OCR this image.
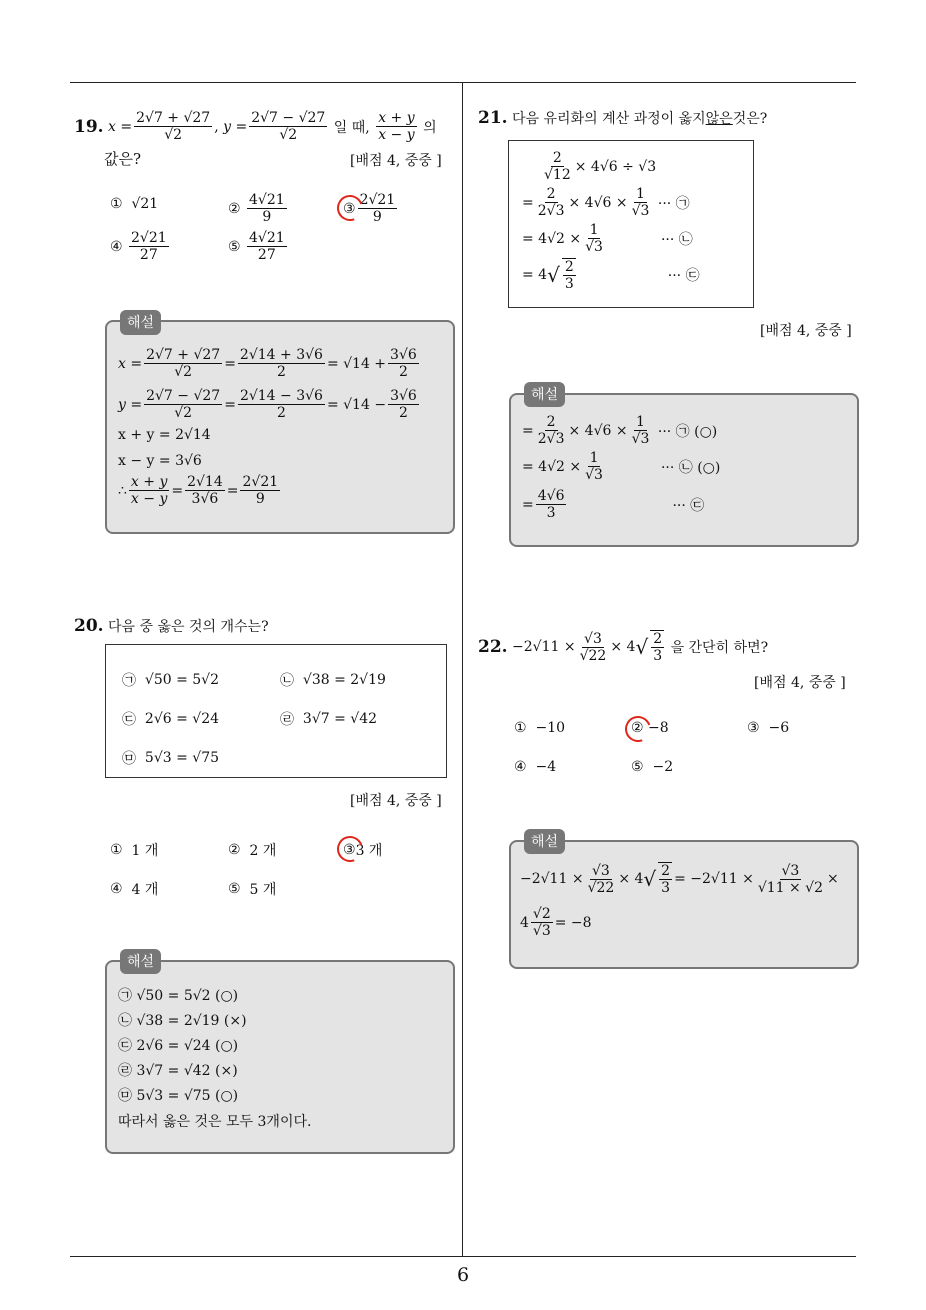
6
19.
$x = \frac{2√7 + √27}{√2}$ ,
$y = \frac{2√7 - √27}{√2}$
일 때,
$\frac{x + y}{x - y}$
의
값은?	[배점 4, 중중 ]
①
√21	②
$\frac{4√21}{9}$	③ $\frac{2√21}{9}$
④
$\frac{2√21}{27}$	⑤
$\frac{4√21}{27}$
해설
$x = \frac{2√7 + √27}{√2} = \frac{2√14 + 3√6}{2} = √14 + \frac{3√6}{2}$
$y = \frac{2√7 - √27}{√2} = \frac{2√14 - 3√6}{2} = √14 - \frac{3√6}{2}$
x + y = 2√14
x − y = 3√6
∴ $\frac{x + y}{x - y} = \frac{2√14}{3√6} = \frac{2√21}{9}$
20.
다음 중 옳은 것의 개수는?
㉠
√50 = 5√2	㉡
√38 = 2√19
㉢
2√6 = √24	㉣
3√7 = √42
㉤
5√3 = √75
[배점 4, 중중 ]
①
1 개	②
2 개	③ 3 개
④
4 개	⑤
5 개
해설
㉠ √50 = 5√2 (○)
㉡ √38 = 2√19 (×)
㉢ 2√6 = √24 (○)
㉣ 3√7 = √42 (×)
㉤ 5√3 = √75 (○)
따라서 옳은 것은 모두 3개이다.
21.
다음 유리화의 계산 과정이 옳지 않은 것은?
$\frac{2}{√12} \times 4√6 \div √3$
= $\frac{2}{2√3} \times 4√6 \times \frac{1}{√3}$
··· ㉠
= $4√2 \times \frac{1}{√3}$	··· ㉡
= 4 √ $\frac{2}{3}$	··· ㉢
[배점 4, 중중 ]
해설
= $\frac{2}{2√3} \times 4√6 \times \frac{1}{√3}$
··· ㉠ (○)
= $4√2 \times \frac{1}{√3}$	··· ㉡ (○)
= $\frac{4√6}{3}$	··· ㉢
22.
$-2√11 \times \frac{√3}{√22} \times 4$ √ $\frac{2}{3}$
을 간단히 하면?
[배점 4, 중중 ]
①
−10	②
−8	③
−6
④
−4	⑤
−2
해설
$-2√11 \times \frac{√3}{√22} \times 4$ √ $\frac{2}{3} = -2√11 \times \frac{√3}{√11 \times √2}$ ×
$4 \frac{√2}{√3} = -8$
